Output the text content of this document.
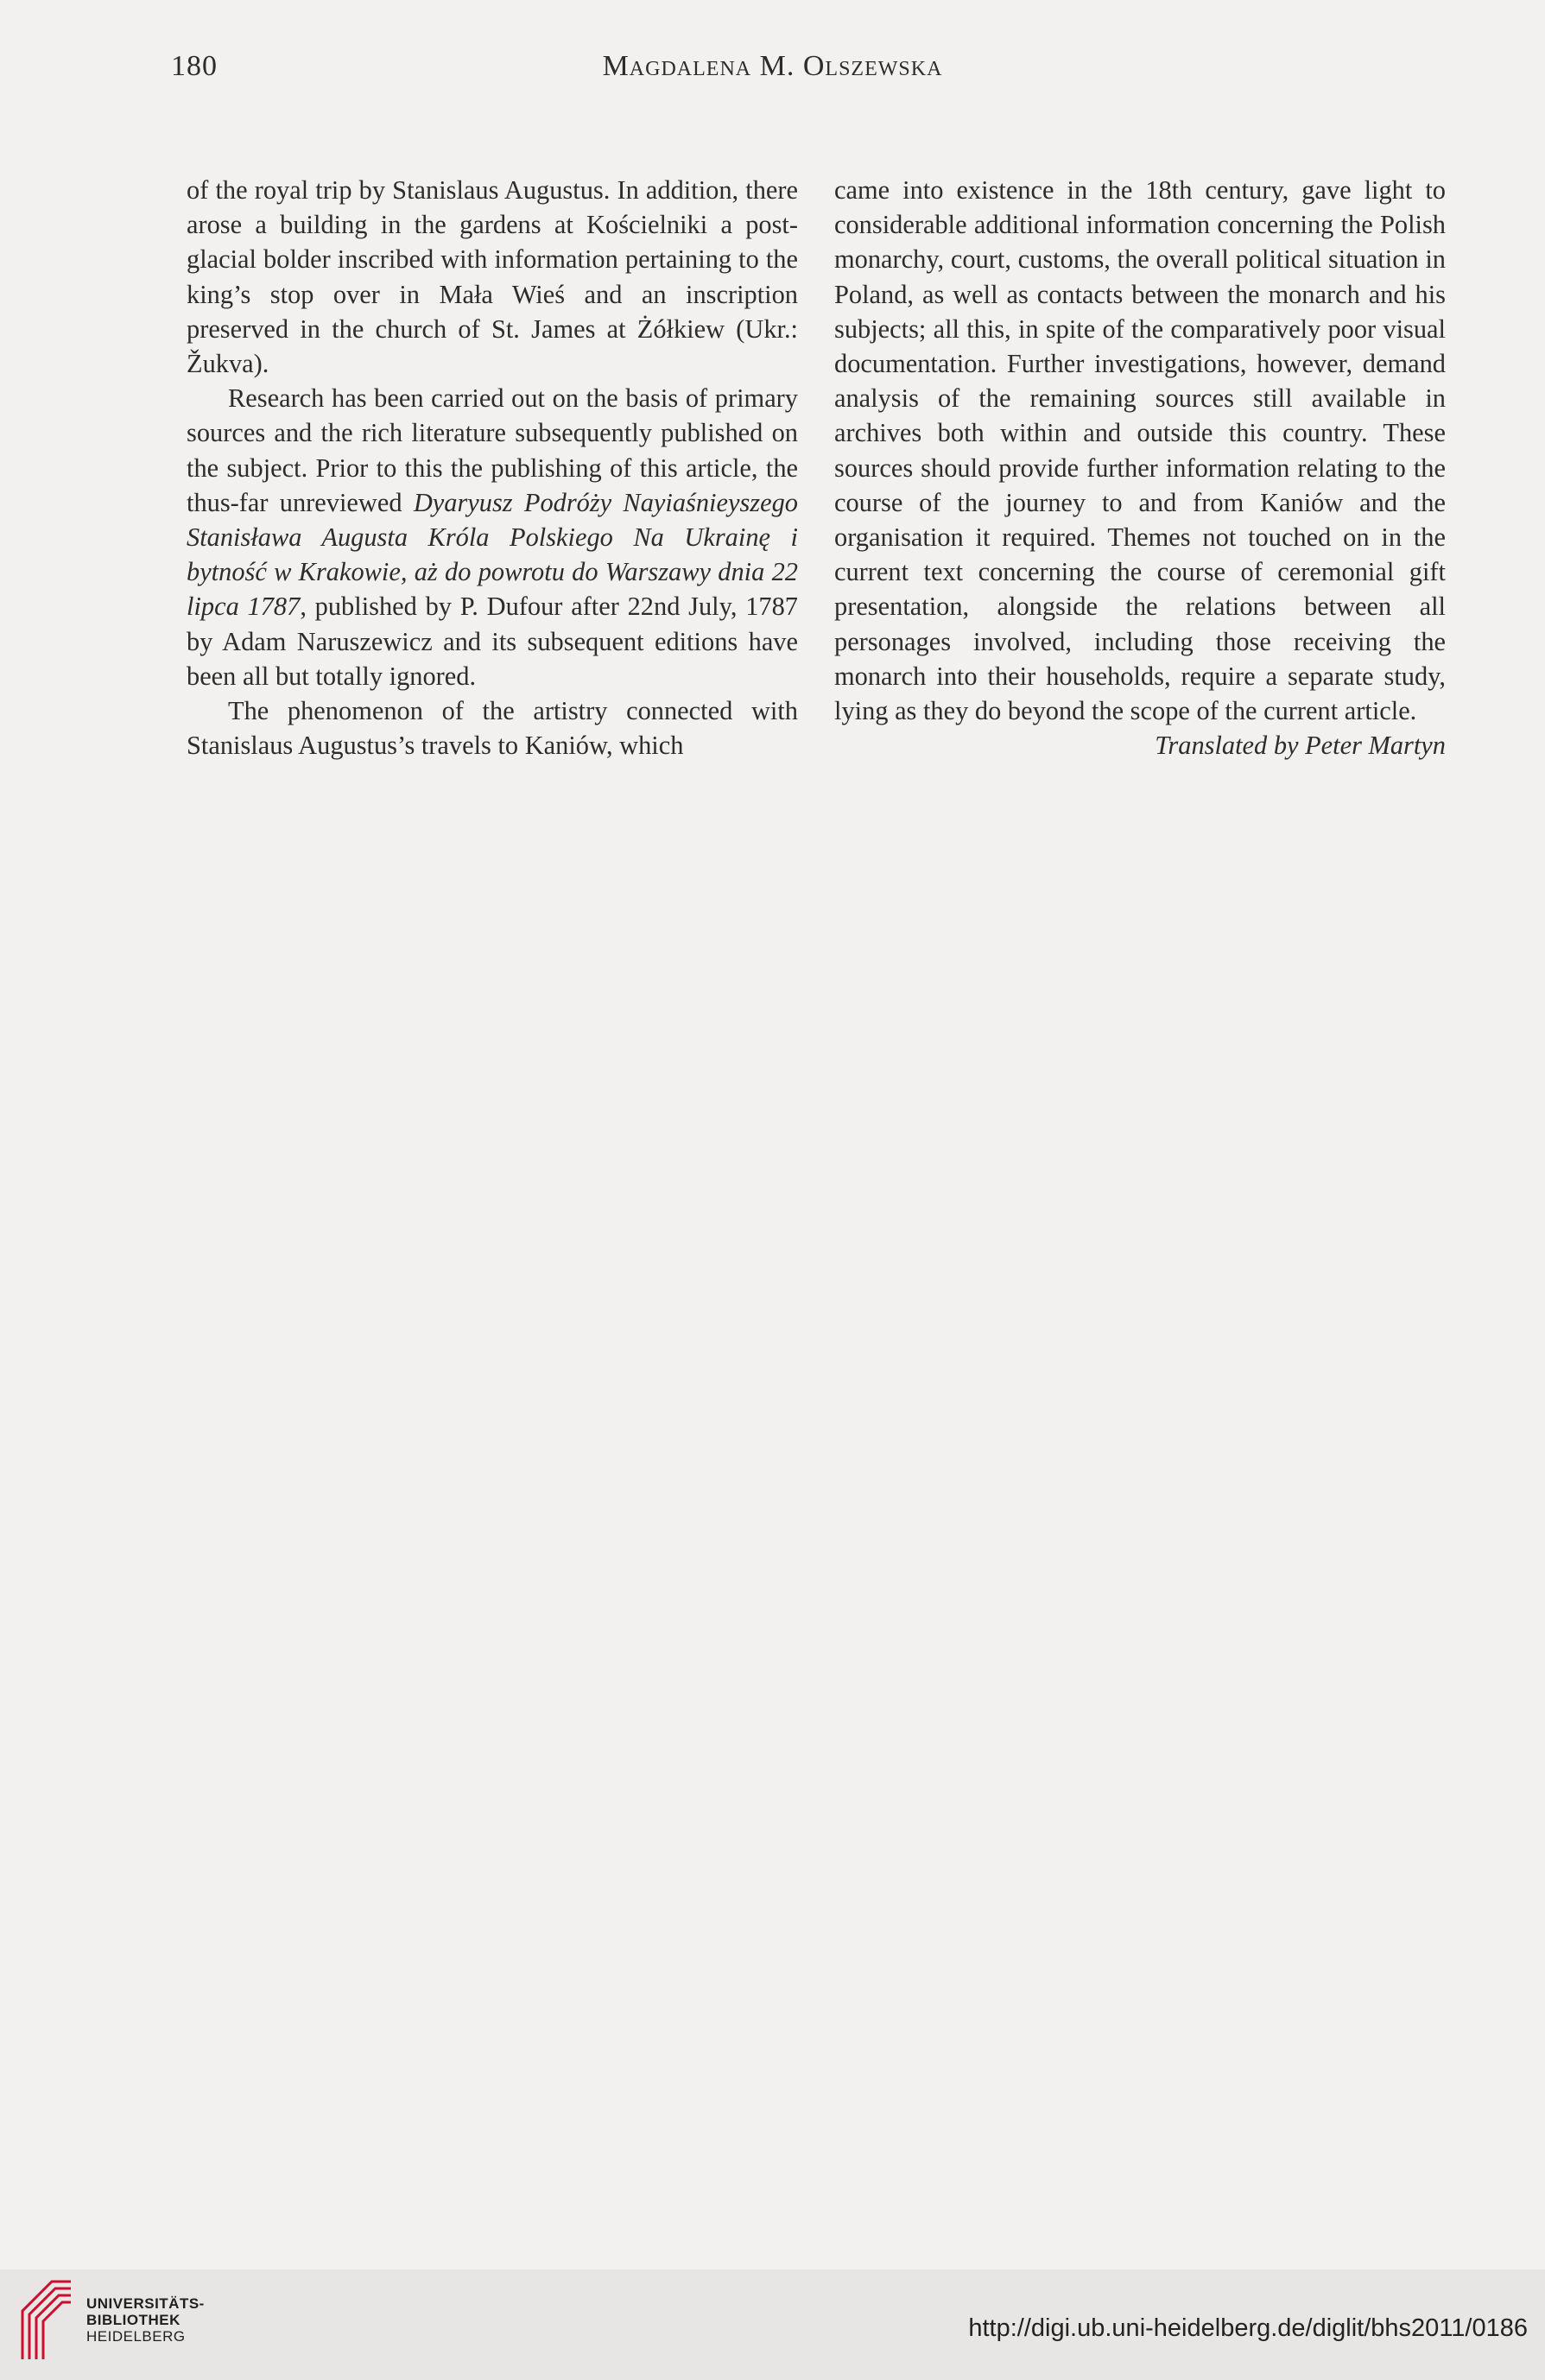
180	Magdalena M. Olszewska

of the royal trip by Stanislaus Augustus. In addition, there arose a building in the gardens at Kościelniki a post-glacial bolder inscribed with information pertaining to the king’s stop over in Mała Wieś and an inscription preserved in the church of St. James at Żółkiew (Ukr.: Žukva).

Research has been carried out on the basis of primary sources and the rich literature subsequently published on the subject. Prior to this the publishing of this article, the thus-far unreviewed Dyaryusz Podróży Nayiaśnieyszego Stanisława Augusta Króla Polskiego Na Ukrainę i bytność w Krakowie, aż do powrotu do Warszawy dnia 22 lipca 1787, published by P. Dufour after 22nd July, 1787 by Adam Naruszewicz and its subsequent editions have been all but totally ignored.

The phenomenon of the artistry connected with Stanislaus Augustus’s travels to Kaniów, which

came into existence in the 18th century, gave light to considerable additional information concerning the Polish monarchy, court, customs, the overall political situation in Poland, as well as contacts between the monarch and his subjects; all this, in spite of the comparatively poor visual documentation. Further investigations, however, demand analysis of the remaining sources still available in archives both within and outside this country. These sources should provide further information relating to the course of the journey to and from Kaniów and the organisation it required. Themes not touched on in the current text concerning the course of ceremonial gift presentation, alongside the relations between all personages involved, including those receiving the monarch into their households, require a separate study, lying as they do beyond the scope of the current article.

Translated by Peter Martyn

UNIVERSITÄTS-
BIBLIOTHEK
HEIDELBERG	http://digi.ub.uni-heidelberg.de/diglit/bhs2011/0186
